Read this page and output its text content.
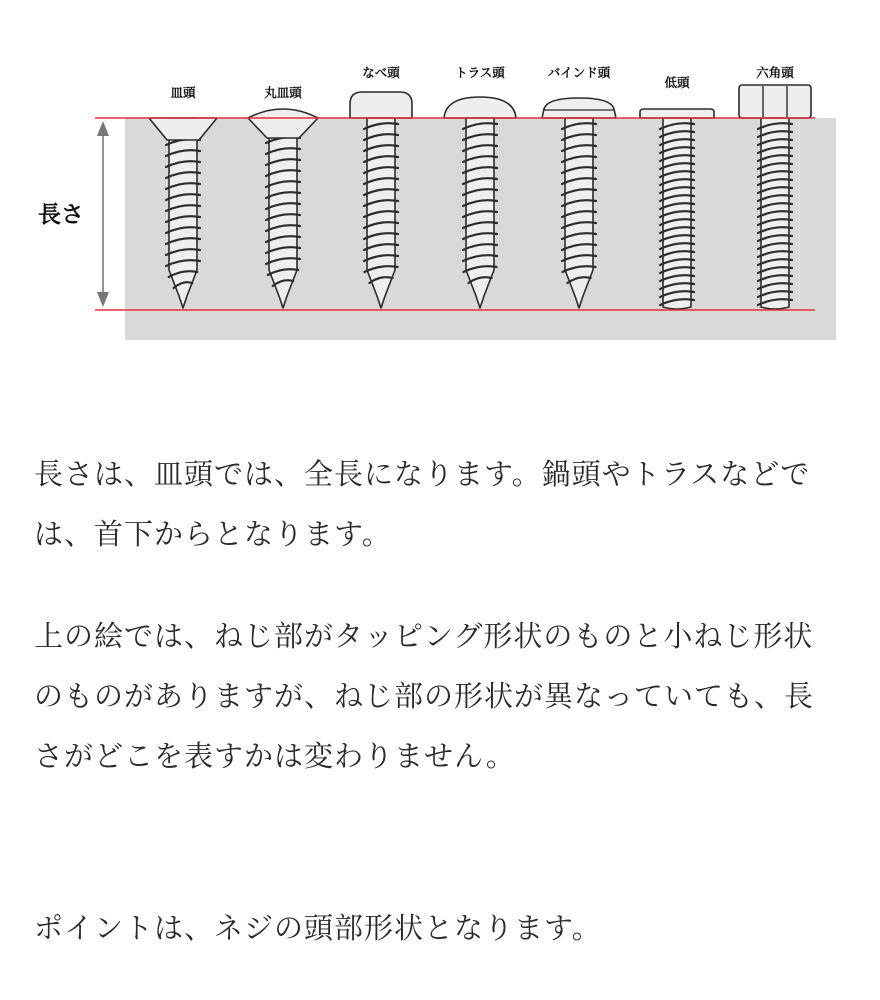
長さ
皿頭	丸皿頭
なべ頭	トラス頭	バインド頭
低頭
六角頭

長さは、皿頭では、全長になります。鍋頭やトラスなどでは、首下からとなります。

上の絵では、ねじ部がタッピング形状のものと小ねじ形状のものがありますが、ねじ部の形状が異なっていても、長さがどこを表すかは変わりません。

ポイントは、ネジの頭部形状となります。
